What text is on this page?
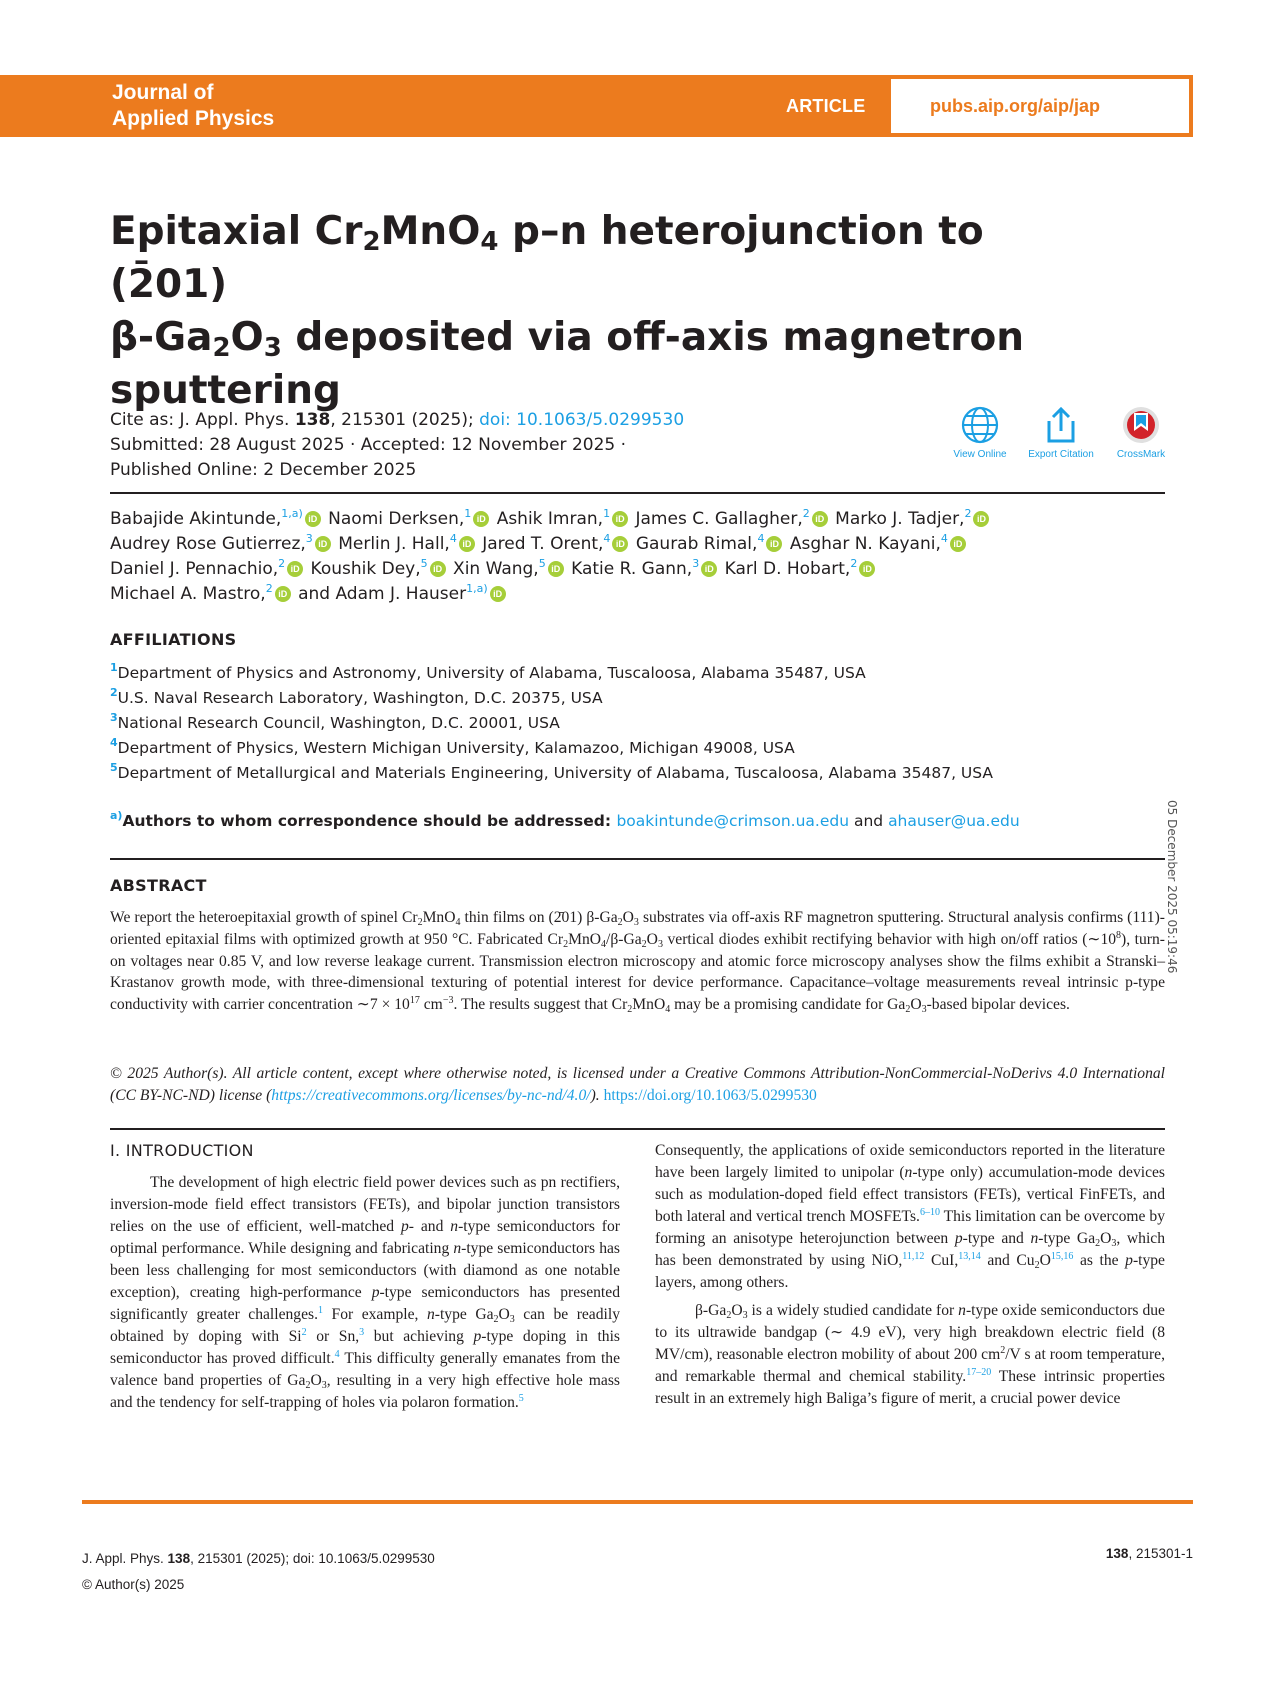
Journal of
Applied Physics
ARTICLE	pubs.aip.org/aip/jap
Epitaxial $Cr_2MnO_4$ p–n heterojunction to (2̄01)
$\beta-Ga_2O_3$ deposited via off-axis magnetron
sputtering
Cite as: J. Appl. Phys. 138, 215301 (2025); doi: 10.1063/5.0299530
Submitted: 28 August 2025 · Accepted: 12 November 2025 ·
Published Online: 2 December 2025
View Online	Export Citation	CrossMark
Babajide Akintunde,$^{1,a)}$ iD Naomi Derksen,$^1$ iD Ashik Imran,$^1$ iD James C. Gallagher,$^2$ iD Marko J. Tadjer,$^2$ iD
Audrey Rose Gutierrez,$^3$ iD Merlin J. Hall,$^4$ iD Jared T. Orent,$^4$ iD Gaurab Rimal,$^4$ iD Asghar N. Kayani,$^4$ iD
Daniel J. Pennachio,$^2$ iD Koushik Dey,$^5$ iD Xin Wang,$^5$ iD Katie R. Gann,$^3$ iD Karl D. Hobart,$^2$ iD
Michael A. Mastro,$^2$ iD and Adam J. Hauser$^{1,a)}$ iD
AFFILIATIONS
$^1$Department of Physics and Astronomy, University of Alabama, Tuscaloosa, Alabama 35487, USA
$^2$U.S. Naval Research Laboratory, Washington, D.C. 20375, USA
$^3$National Research Council, Washington, D.C. 20001, USA
$^4$Department of Physics, Western Michigan University, Kalamazoo, Michigan 49008, USA
$^5$Department of Metallurgical and Materials Engineering, University of Alabama, Tuscaloosa, Alabama 35487, USA
$^{a)}$Authors to whom correspondence should be addressed: boakintunde@crimson.ua.edu and ahauser@ua.edu	05 December 2025 05:19:46
ABSTRACT
We report the heteroepitaxial growth of spinel $Cr_2MnO_4$ thin films on (2̄01) $\beta-Ga_2O_3$ substrates via off-axis RF magnetron sputtering. Structural analysis confirms (111)-oriented epitaxial films with optimized growth at 950 °C. Fabricated $Cr_2MnO_4/\beta-Ga_2O_3$ vertical diodes exhibit rectifying behavior with high on/off ratios $(\sim 10^8)$, turn-on voltages near 0.85 V, and low reverse leakage current. Transmission electron microscopy and atomic force microscopy analyses show the films exhibit a Stranski–Krastanov growth mode, with three-dimensional texturing of potential interest for device performance. Capacitance–voltage measurements reveal intrinsic p-type conductivity with carrier concentration ∼7 × $10^{17}$ $cm^{-3}$. The results suggest that $Cr_2MnO_4$ may be a promising candidate for $Ga_2O_3$-based bipolar devices.
© 2025 Author(s). All article content, except where otherwise noted, is licensed under a Creative Commons Attribution-NonCommercial-NoDerivs 4.0 International (CC BY-NC-ND) license (https://creativecommons.org/licenses/by-nc-nd/4.0/). https://doi.org/10.1063/5.0299530
I. INTRODUCTION

The development of high electric field power devices such as pn rectifiers, inversion-mode field effect transistors (FETs), and bipolar junction transistors relies on the use of efficient, well-matched p- and n-type semiconductors for optimal performance. While designing and fabricating n-type semiconductors has been less challenging for most semiconductors (with diamond as one notable exception), creating high-performance p-type semiconductors has presented significantly greater challenges.$^1$ For example, n-type $Ga_2O_3$ can be readily obtained by doping with Si$^2$ or Sn,$^3$ but achieving p-type doping in this semiconductor has proved difficult.$^4$ This difficulty generally emanates from the valence band properties of $Ga_2O_3$, resulting in a very high effective hole mass and the tendency for self-trapping of holes via polaron formation.$^5$

Consequently, the applications of oxide semiconductors reported in the literature have been largely limited to unipolar (n-type only) accumulation-mode devices such as modulation-doped field effect transistors (FETs), vertical FinFETs, and both lateral and vertical trench MOSFETs.$^{6-10}$ This limitation can be overcome by forming an anisotype heterojunction between p-type and n-type $Ga_2O_3$, which has been demonstrated by using NiO,$^{11,12}$ CuI,$^{13,14}$ and $Cu_2O^{15,16}$ as the p-type layers, among others.

$\beta-Ga_2O_3$ is a widely studied candidate for n-type oxide semiconductors due to its ultrawide bandgap (∼ 4.9 eV), very high breakdown electric field (8 MV/cm), reasonable electron mobility of about 200 $cm^2/V$ s at room temperature, and remarkable thermal and chemical stability.$^{17-20}$ These intrinsic properties result in an extremely high Baliga’s figure of merit, a crucial power device

J. Appl. Phys. 138, 215301 (2025); doi: 10.1063/5.0299530
© Author(s) 2025
138, 215301-1
